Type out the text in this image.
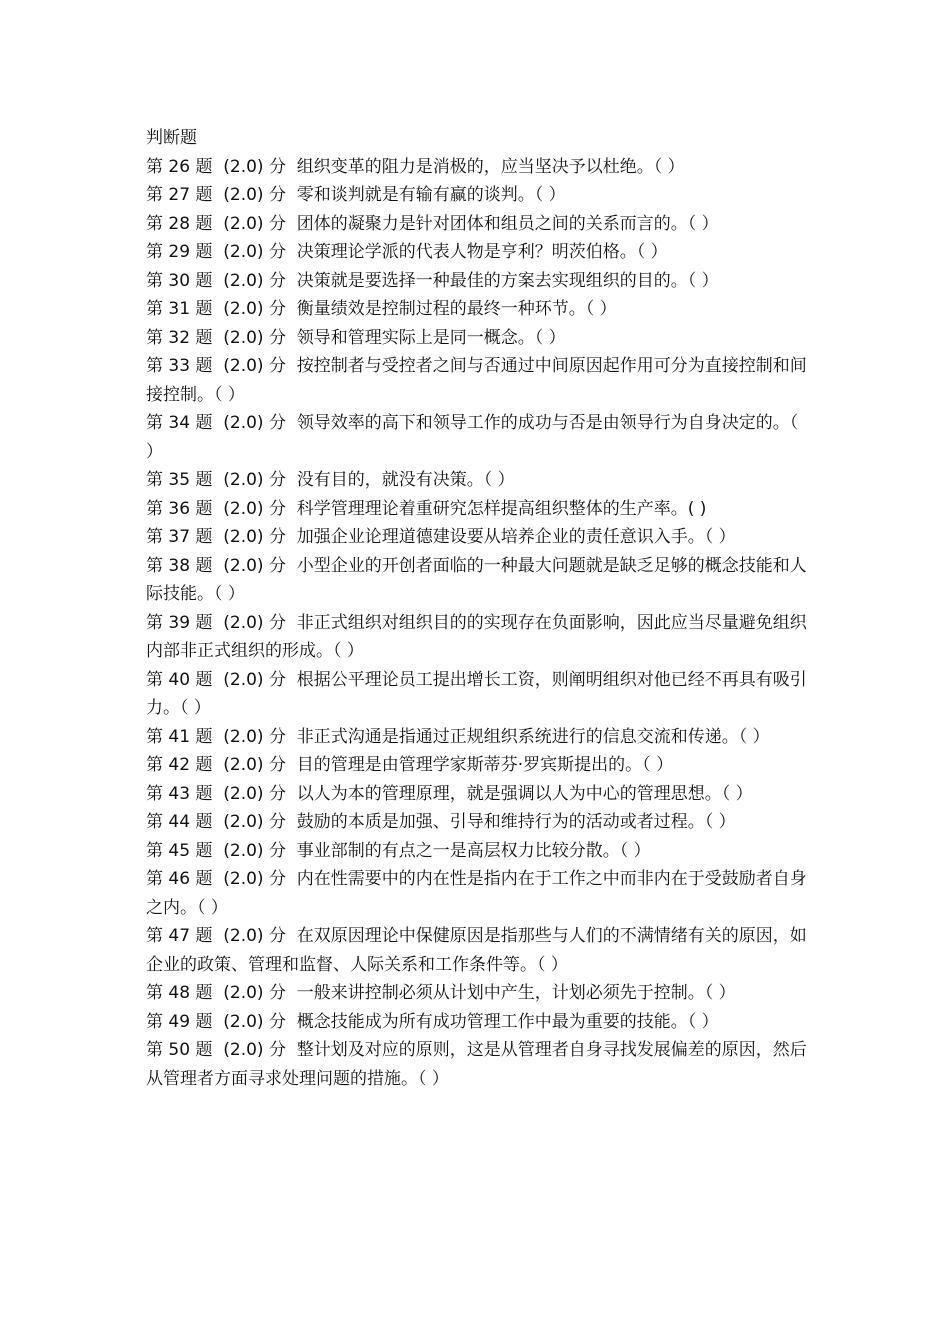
判断题
第 26 题  (2.0) 分  组织变革的阻力是消极的，应当坚决予以杜绝。（ ）
第 27 题  (2.0) 分  零和谈判就是有输有赢的谈判。（ ）
第 28 题  (2.0) 分  团体的凝聚力是针对团体和组员之间的关系而言的。（ ）
第 29 题  (2.0) 分  决策理论学派的代表人物是亨利？明茨伯格。（ ）
第 30 题  (2.0) 分  决策就是要选择一种最佳的方案去实现组织的目的。（ ）
第 31 题  (2.0) 分  衡量绩效是控制过程的最终一种环节。（ ）
第 32 题  (2.0) 分  领导和管理实际上是同一概念。（ ）
第 33 题  (2.0) 分  按控制者与受控者之间与否通过中间原因起作用可分为直接控制和间接控制。（ ）
第 34 题  (2.0) 分  领导效率的高下和领导工作的成功与否是由领导行为自身决定的。（ ）
第 35 题  (2.0) 分  没有目的，就没有决策。（ ）
第 36 题  (2.0) 分  科学管理理论着重研究怎样提高组织整体的生产率。( )
第 37 题  (2.0) 分  加强企业论理道德建设要从培养企业的责任意识入手。（ ）
第 38 题  (2.0) 分  小型企业的开创者面临的一种最大问题就是缺乏足够的概念技能和人际技能。（ ）
第 39 题  (2.0) 分  非正式组织对组织目的的实现存在负面影响，因此应当尽量避免组织内部非正式组织的形成。（ ）
第 40 题  (2.0) 分  根据公平理论员工提出增长工资，则阐明组织对他已经不再具有吸引力。（ ）
第 41 题  (2.0) 分  非正式沟通是指通过正规组织系统进行的信息交流和传递。（ ）
第 42 题  (2.0) 分  目的管理是由管理学家斯蒂芬·罗宾斯提出的。（ ）
第 43 题  (2.0) 分  以人为本的管理原理，就是强调以人为中心的管理思想。（ ）
第 44 题  (2.0) 分  鼓励的本质是加强、引导和维持行为的活动或者过程。（ ）
第 45 题  (2.0) 分  事业部制的有点之一是高层权力比较分散。（ ）
第 46 题  (2.0) 分  内在性需要中的内在性是指内在于工作之中而非内在于受鼓励者自身之内。（ ）
第 47 题  (2.0) 分  在双原因理论中保健原因是指那些与人们的不满情绪有关的原因，如企业的政策、管理和监督、人际关系和工作条件等。（ ）
第 48 题  (2.0) 分  一般来讲控制必须从计划中产生，计划必须先于控制。（ ）
第 49 题  (2.0) 分  概念技能成为所有成功管理工作中最为重要的技能。（ ）
第 50 题  (2.0) 分  整计划及对应的原则，这是从管理者自身寻找发展偏差的原因，然后从管理者方面寻求处理问题的措施。（ ）
